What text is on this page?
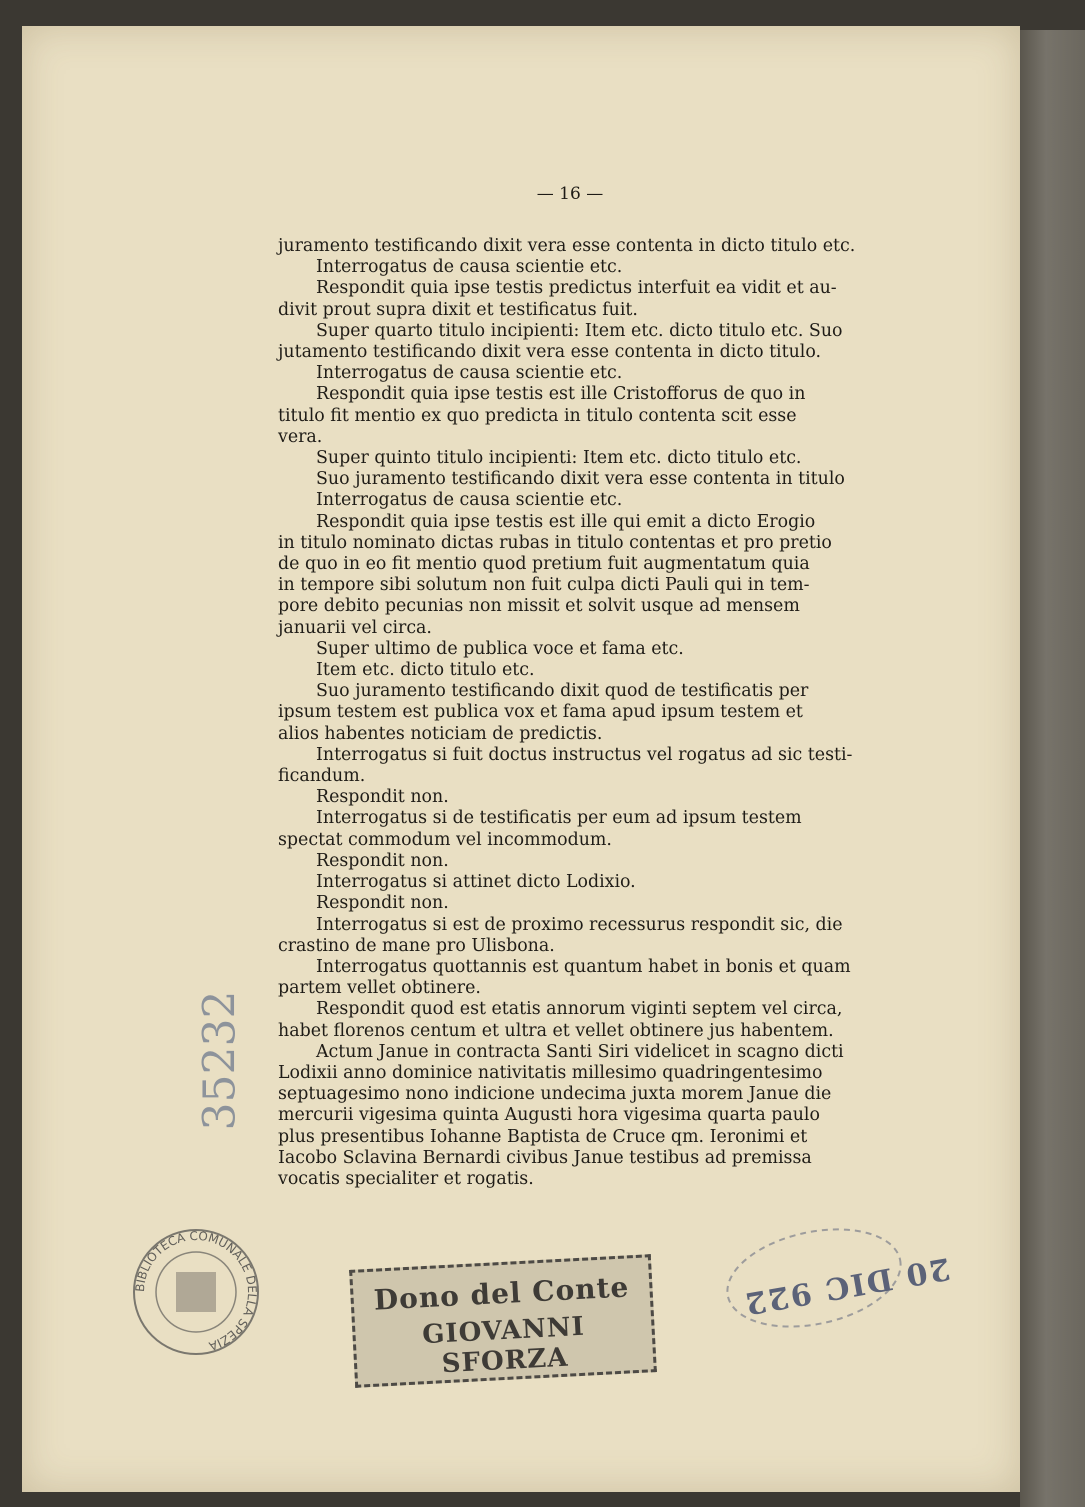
— 16 —
juramento testificando dixit vera esse contenta in dicto titulo etc.
Interrogatus de causa scientie etc.
Respondit quia ipse testis predictus interfuit ea vidit et au-
divit prout supra dixit et testificatus fuit.
Super quarto titulo incipienti: Item etc. dicto titulo etc. Suo
jutamento testificando dixit vera esse contenta in dicto titulo.
Interrogatus de causa scientie etc.
Respondit quia ipse testis est ille Cristofforus de quo in
titulo fit mentio ex quo predicta in titulo contenta scit esse
vera.
Super quinto titulo incipienti: Item etc. dicto titulo etc.
Suo juramento testificando dixit vera esse contenta in titulo
Interrogatus de causa scientie etc.
Respondit quia ipse testis est ille qui emit a dicto Erogio
in titulo nominato dictas rubas in titulo contentas et pro pretio
de quo in eo fit mentio quod pretium fuit augmentatum quia
in tempore sibi solutum non fuit culpa dicti Pauli qui in tem-
pore debito pecunias non missit et solvit usque ad mensem
januarii vel circa.
Super ultimo de publica voce et fama etc.
Item etc. dicto titulo etc.
Suo juramento testificando dixit quod de testificatis per
ipsum testem est publica vox et fama apud ipsum testem et
alios habentes noticiam de predictis.
Interrogatus si fuit doctus instructus vel rogatus ad sic testi-
ficandum.
Respondit non.
Interrogatus si de testificatis per eum ad ipsum testem
spectat commodum vel incommodum.
Respondit non.
Interrogatus si attinet dicto Lodixio.
Respondit non.
Interrogatus si est de proximo recessurus respondit sic, die
crastino de mane pro Ulisbona.
Interrogatus quottannis est quantum habet in bonis et quam
partem vellet obtinere.
Respondit quod est etatis annorum viginti septem vel circa,
habet florenos centum et ultra et vellet obtinere jus habentem.
Actum Janue in contracta Santi Siri videlicet in scagno dicti
Lodixii anno dominice nativitatis millesimo quadringentesimo
septuagesimo nono indicione undecima juxta morem Janue die
mercurii vigesima quinta Augusti hora vigesima quarta paulo
plus presentibus Iohanne Baptista de Cruce qm. Ieronimi et
Iacobo Sclavina Bernardi civibus Janue testibus ad premissa
vocatis specialiter et rogatis.
35232
BIBLIOTECA COMUNALE DELLA SPEZIA
Dono del Conte
GIOVANNI SFORZA
20 DIC 922
